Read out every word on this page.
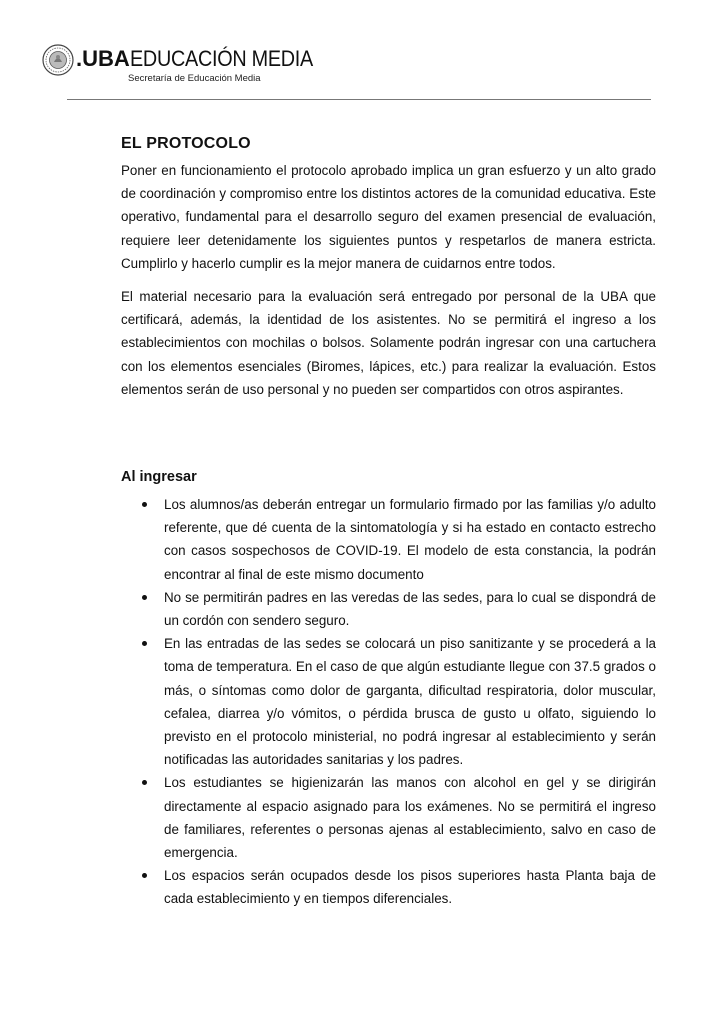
.UBAEDUCACIÓN MEDIA
Secretaría de Educación Media
EL PROTOCOLO

Poner en funcionamiento el protocolo aprobado implica un gran esfuerzo y un alto grado de coordinación y compromiso entre los distintos actores de la comunidad educativa. Este operativo, fundamental para el desarrollo seguro del examen presencial de evaluación, requiere leer detenidamente los siguientes puntos y respetarlos de manera estricta. Cumplirlo y hacerlo cumplir es la mejor manera de cuidarnos entre todos.

El material necesario para la evaluación será entregado por personal de la UBA que certificará, además, la identidad de los asistentes. No se permitirá el ingreso a los establecimientos con mochilas o bolsos. Solamente podrán ingresar con una cartuchera con los elementos esenciales (Biromes, lápices, etc.) para realizar la evaluación. Estos elementos serán de uso personal y no pueden ser compartidos con otros aspirantes.

Al ingresar
Los alumnos/as deberán entregar un formulario firmado por las familias y/o adulto referente, que dé cuenta de la sintomatología y si ha estado en contacto estrecho con casos sospechosos de COVID-19. El modelo de esta constancia, la podrán encontrar al final de este mismo documento
No se permitirán padres en las veredas de las sedes, para lo cual se dispondrá de un cordón con sendero seguro.
En las entradas de las sedes se colocará un piso sanitizante y se procederá a la toma de temperatura. En el caso de que algún estudiante llegue con 37.5 grados o más, o síntomas como dolor de garganta, dificultad respiratoria, dolor muscular, cefalea, diarrea y/o vómitos, o pérdida brusca de gusto u olfato, siguiendo lo previsto en el protocolo ministerial, no podrá ingresar al establecimiento y serán notificadas las autoridades sanitarias y los padres.
Los estudiantes se higienizarán las manos con alcohol en gel y se dirigirán directamente al espacio asignado para los exámenes. No se permitirá el ingreso de familiares, referentes o personas ajenas al establecimiento, salvo en caso de emergencia.
Los espacios serán ocupados desde los pisos superiores hasta Planta baja de cada establecimiento y en tiempos diferenciales.
